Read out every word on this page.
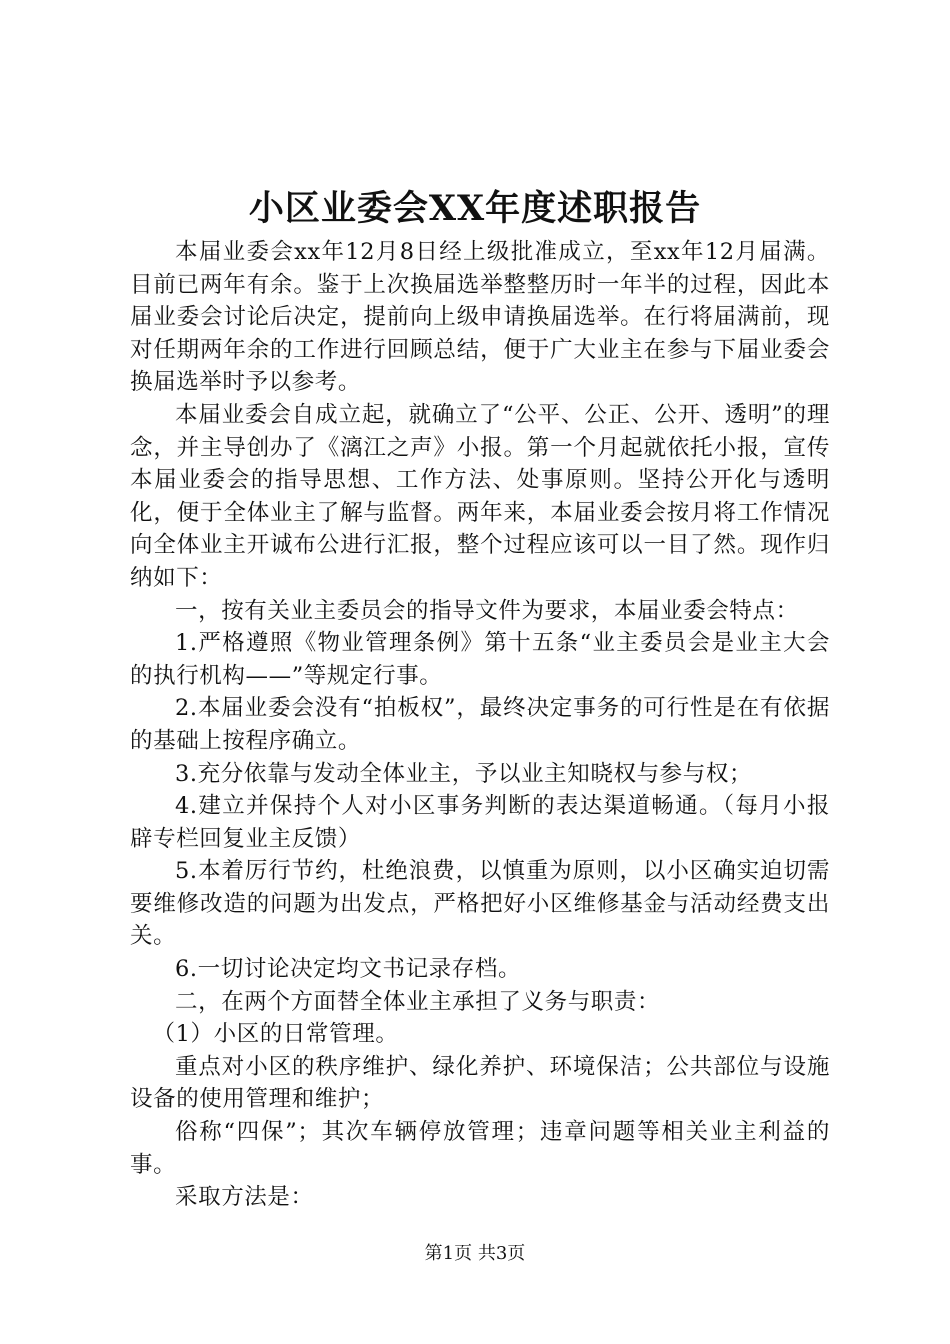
小区业委会XX年度述职报告

本届业委会xx年12月8日经上级批准成立，至xx年12月届满。目前已两年有余。鉴于上次换届选举整整历时一年半的过程，因此本届业委会讨论后决定，提前向上级申请换届选举。在行将届满前，现对任期两年余的工作进行回顾总结，便于广大业主在参与下届业委会换届选举时予以参考。

本届业委会自成立起，就确立了“公平、公正、公开、透明”的理念，并主导创办了《漓江之声》小报。第一个月起就依托小报，宣传本届业委会的指导思想、工作方法、处事原则。坚持公开化与透明化，便于全体业主了解与监督。两年来，本届业委会按月将工作情况向全体业主开诚布公进行汇报，整个过程应该可以一目了然。现作归纳如下：

一，按有关业主委员会的指导文件为要求，本届业委会特点：

1.严格遵照《物业管理条例》第十五条“业主委员会是业主大会的执行机构——”等规定行事。

2.本届业委会没有“拍板权”，最终决定事务的可行性是在有依据的基础上按程序确立。

3.充分依靠与发动全体业主，予以业主知晓权与参与权；

4.建立并保持个人对小区事务判断的表达渠道畅通。（每月小报辟专栏回复业主反馈）

5.本着厉行节约，杜绝浪费，以慎重为原则，以小区确实迫切需要维修改造的问题为出发点，严格把好小区维修基金与活动经费支出关。

6.一切讨论决定均文书记录存档。

二，在两个方面替全体业主承担了义务与职责：

（1）小区的日常管理。

重点对小区的秩序维护、绿化养护、环境保洁；公共部位与设施设备的使用管理和维护；

俗称“四保”；其次车辆停放管理；违章问题等相关业主利益的事。

采取方法是：

第1页 共3页
